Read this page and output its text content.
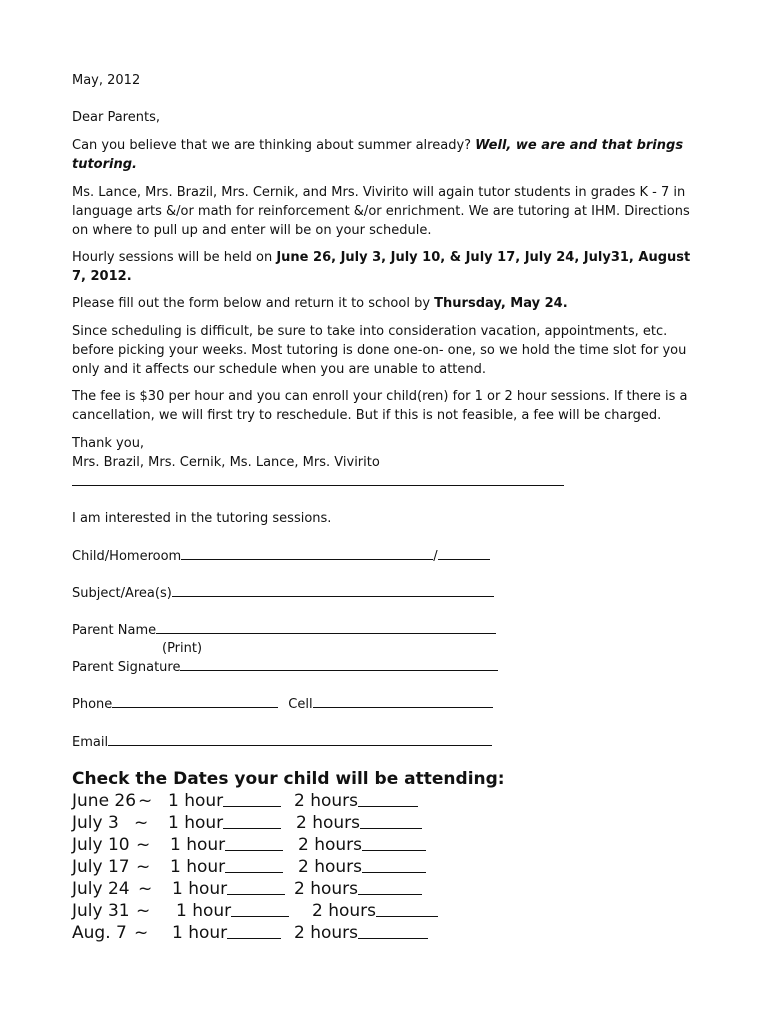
May, 2012
Dear Parents,
Can you believe that we are thinking about summer already? Well, we are and that brings tutoring.
Ms. Lance, Mrs. Brazil, Mrs. Cernik, and Mrs. Vivirito will again tutor students in grades K - 7 in language arts &/or math for reinforcement &/or enrichment. We are tutoring at IHM. Directions on where to pull up and enter will be on your schedule.
Hourly sessions will be held on June 26, July 3, July 10, & July 17, July 24, July31, August 7, 2012.
Please fill out the form below and return it to school by Thursday, May 24.
Since scheduling is difficult, be sure to take into consideration vacation, appointments, etc. before picking your weeks. Most tutoring is done one-on- one, so we hold the time slot for you only and it affects our schedule when you are unable to attend.
The fee is $30 per hour and you can enroll your child(ren) for 1 or 2 hour sessions. If there is a cancellation, we will first try to reschedule. But if this is not feasible, a fee will be charged.
Thank you,
Mrs. Brazil, Mrs. Cernik, Ms. Lance, Mrs. Vivirito
I am interested in the tutoring sessions.
Child/Homeroom	/
Subject/Area(s)
Parent Name
(Print)
Parent Signature
Phone	Cell
Email
Check the Dates your child will be attending:
June 26 ~ 1 hour	2 hours
July 3 ~ 1 hour	2 hours
July 10 ~ 1 hour	2 hours
July 17 ~ 1 hour	2 hours
July 24 ~ 1 hour	2 hours
July 31 ~ 1 hour	2 hours
Aug. 7 ~ 1 hour	2 hours
